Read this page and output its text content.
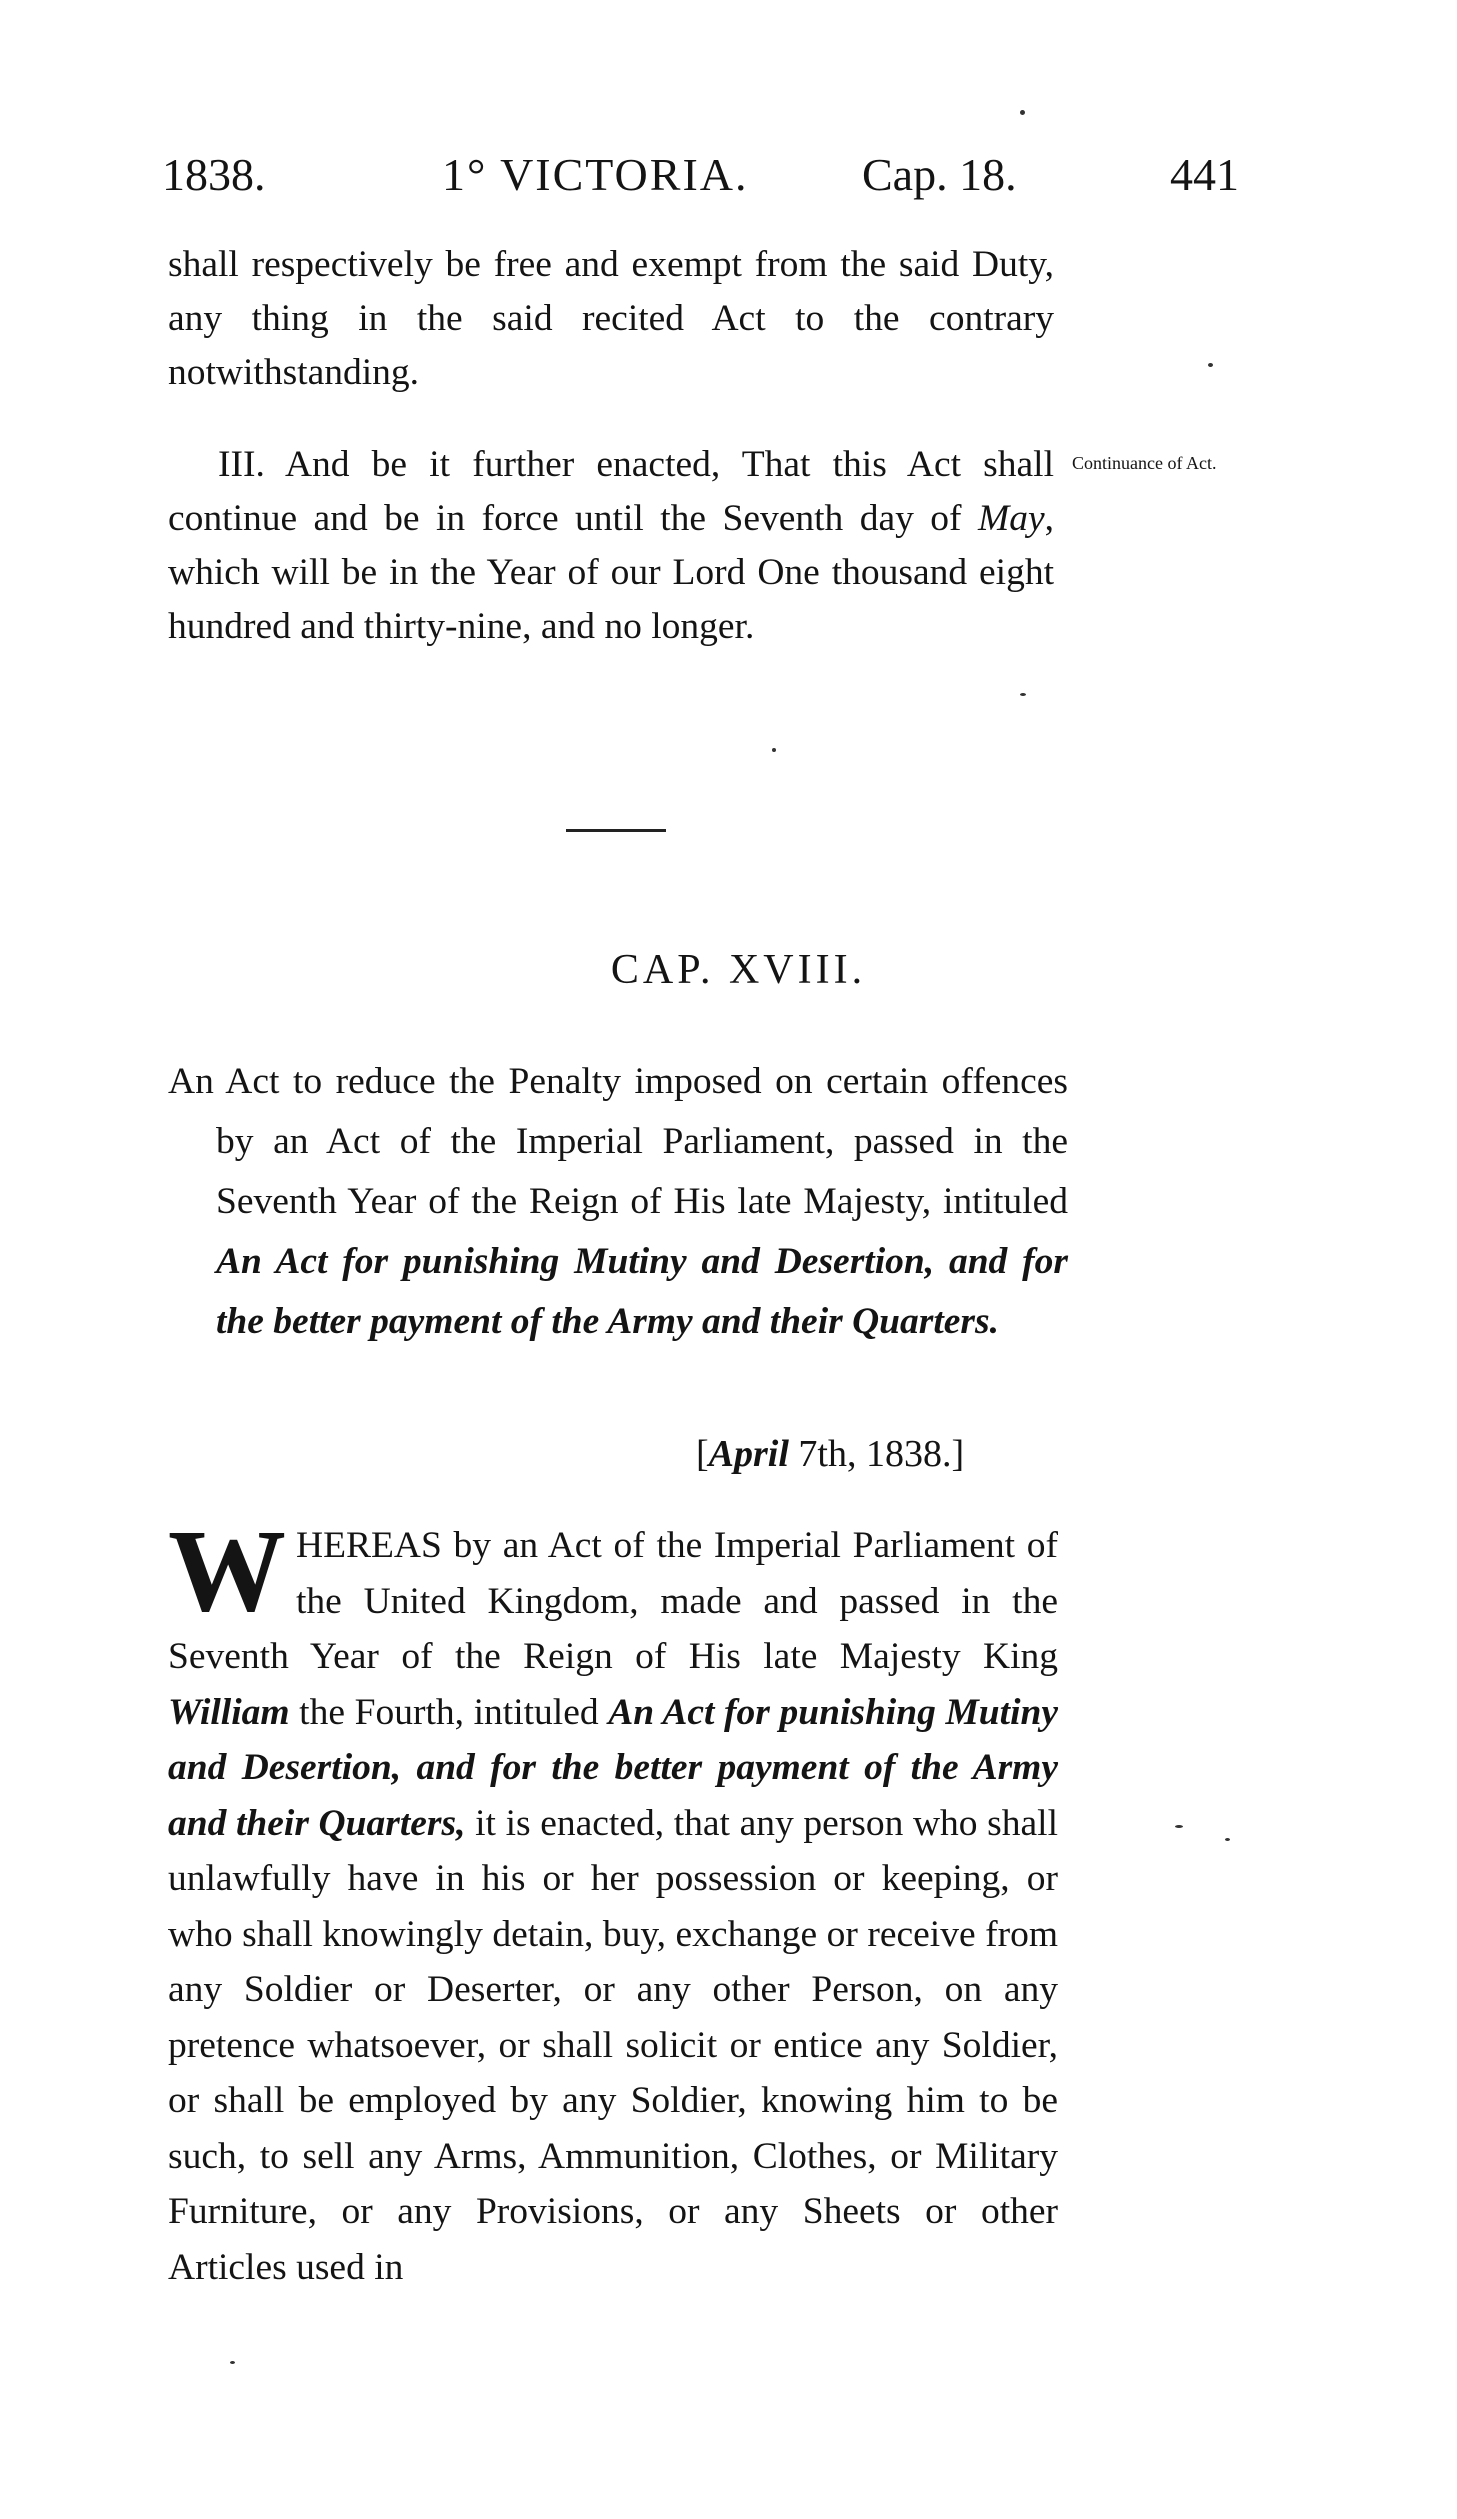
1838.	1° VICTORIA. Cap. 18.	441
shall respectively be free and exempt from the said Duty, any thing in the said recited Act to the contrary notwithstanding.
III. And be it further enacted, That this Act shall continue and be in force until the Seventh day of May, which will be in the Year of our Lord One thousand eight hundred and thirty-nine, and no longer.
Continuance of Act.
CAP. XVIII.
An Act to reduce the Penalty imposed on certain offences by an Act of the Imperial Parliament, passed in the Seventh Year of the Reign of His late Majesty, intituled An Act for punishing Mutiny and Desertion, and for the better payment of the Army and their Quarters.
[April 7th, 1838.]
W HEREAS by an Act of the Imperial Parliament of the United Kingdom, made and passed in the Seventh Year of the Reign of His late Majesty King William the Fourth, intituled An Act for punishing Mutiny and Desertion, and for the better payment of the Army and their Quarters, it is enacted, that any person who shall unlawfully have in his or her possession or keeping, or who shall knowingly detain, buy, exchange or receive from any Soldier or Deserter, or any other Person, on any pretence whatsoever, or shall solicit or entice any Soldier, or shall be employed by any Soldier, knowing him to be such, to sell any Arms, Ammunition, Clothes, or Military Furniture, or any Provisions, or any Sheets or other Articles used in
